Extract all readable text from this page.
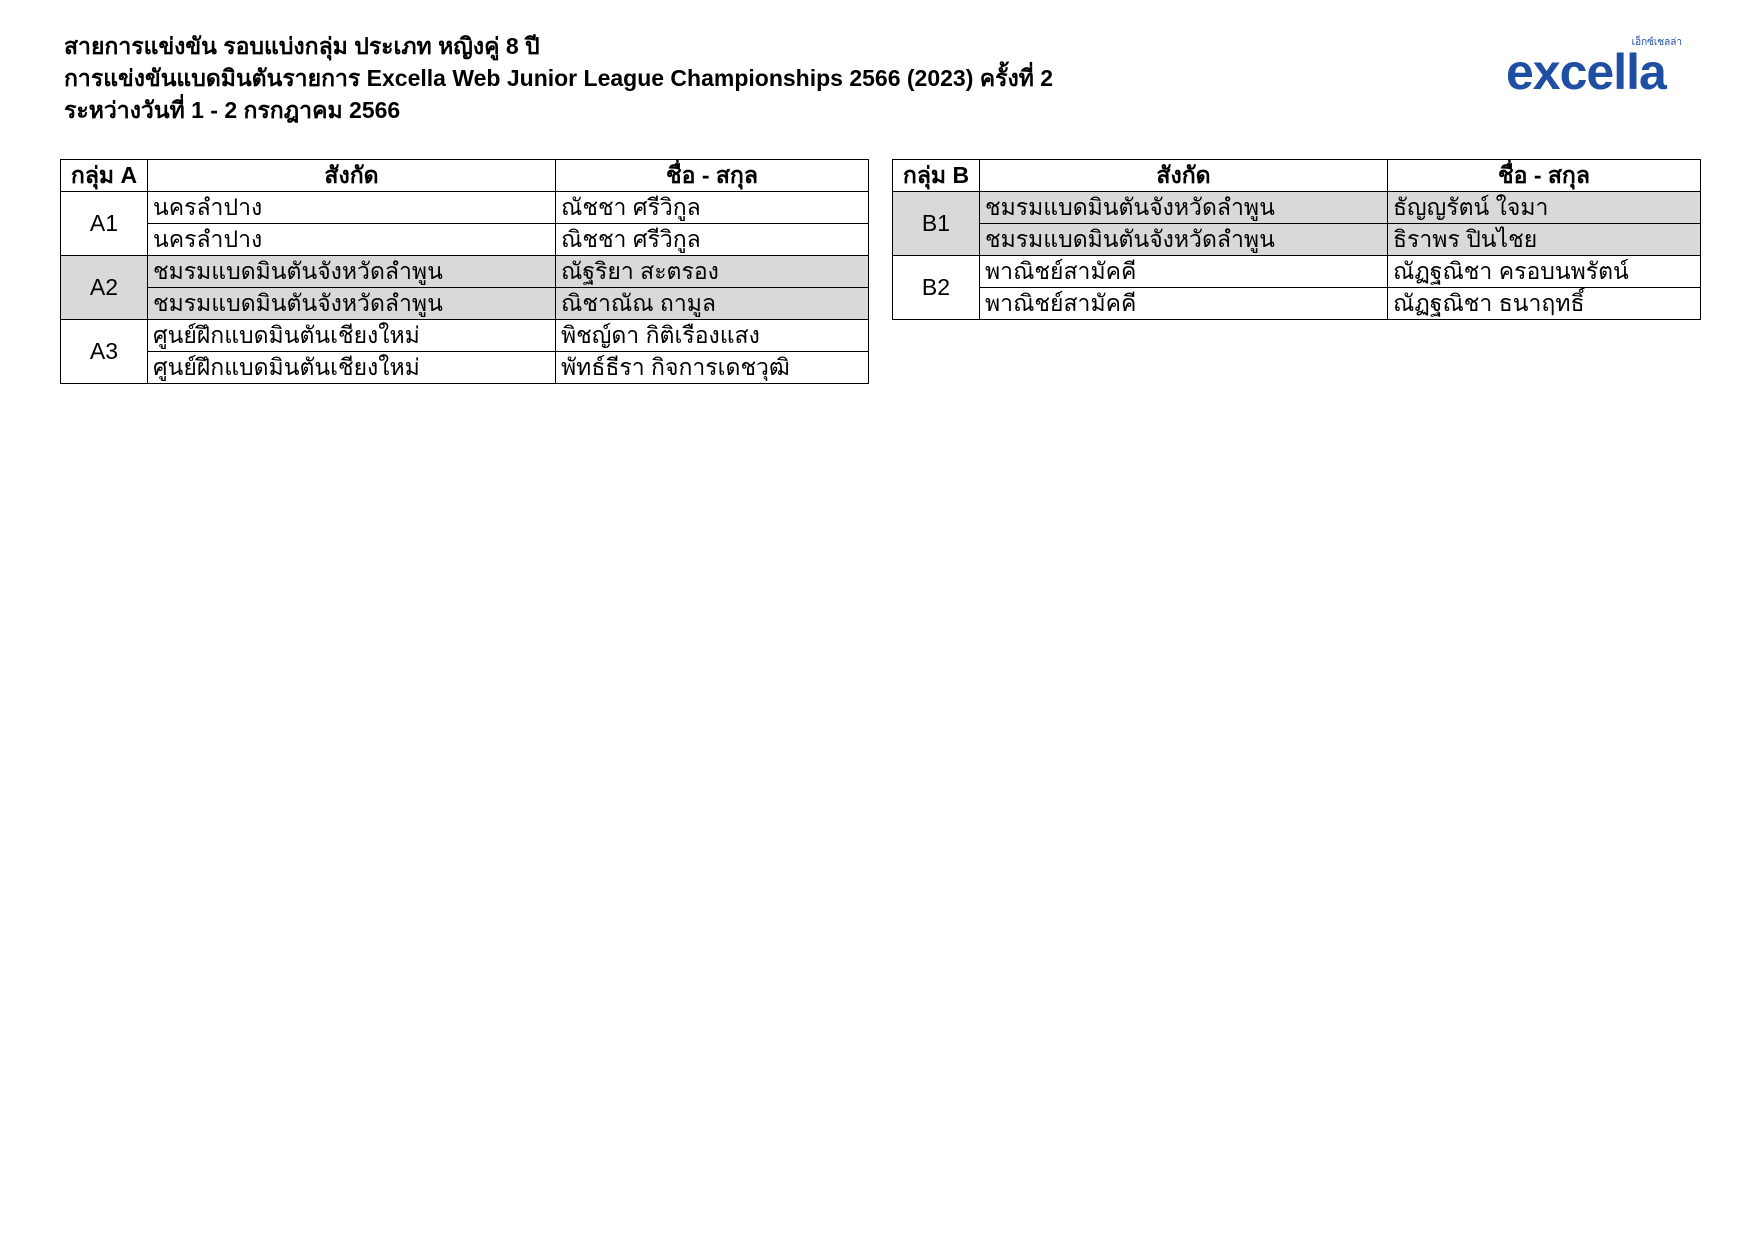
สายการแข่งขัน รอบแบ่งกลุ่ม ประเภท หญิงคู่ 8 ปี
การแข่งขันแบดมินตันรายการ Excella Web Junior League Championships 2566 (2023) ครั้งที่ 2
ระหว่างวันที่ 1 - 2 กรกฎาคม 2566
เอ็กซ์เซลล่า
excella
กลุ่ม A	สังกัด	ชื่อ - สกุล
A1	นครลำปาง	ณัชชา ศรีวิกูล
	นครลำปาง	ณิชชา ศรีวิกูล
A2	ชมรมแบดมินตันจังหวัดลำพูน	ณัฐริยา สะตรอง
	ชมรมแบดมินตันจังหวัดลำพูน	ณิชาณัณ ถามูล
A3	ศูนย์ฝึกแบดมินตันเชียงใหม่	พิชญ์ดา กิติเรืองแสง
	ศูนย์ฝึกแบดมินตันเชียงใหม่	พัทธ์ธีรา กิจการเดชวุฒิ
กลุ่ม B	สังกัด	ชื่อ - สกุล
B1	ชมรมแบดมินตันจังหวัดลำพูน	ธัญญรัตน์ ใจมา
	ชมรมแบดมินตันจังหวัดลำพูน	ธิราพร ปินไชย
B2	พาณิชย์สามัคคี	ณัฏฐณิชา ครอบนพรัตน์
	พาณิชย์สามัคคี	ณัฏฐณิชา ธนาฤทธิ์
